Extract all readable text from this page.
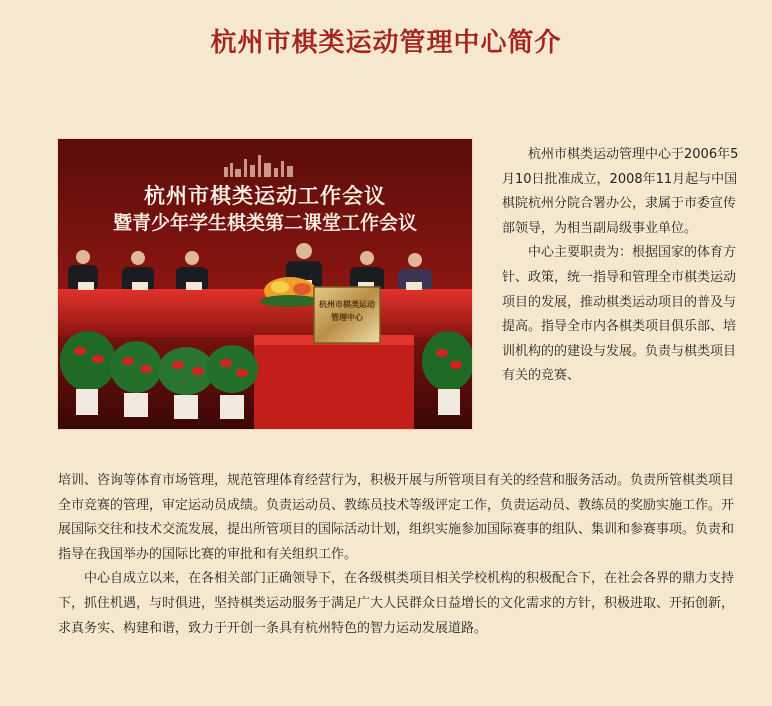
杭州市棋类运动管理中心简介
杭州市棋类运动工作会议
暨青少年学生棋类第二课堂工作会议
杭州市棋类运动
管理中心

杭州市棋类运动管理中心于2006年5月10日批准成立，2008年11月起与中国棋院杭州分院合署办公，隶属于市委宣传部领导，为相当副局级事业单位。

中心主要职责为：根据国家的体育方针、政策，统一指导和管理全市棋类运动项目的发展，推动棋类运动项目的普及与提高。指导全市内各棋类项目俱乐部、培训机构的的建设与发展。负责与棋类项目有关的竞赛、

培训、咨询等体育市场管理，规范管理体育经营行为，积极开展与所管项目有关的经营和服务活动。负责所管棋类项目全市竞赛的管理，审定运动员成绩。负责运动员、教练员技术等级评定工作，负责运动员、教练员的奖励实施工作。开展国际交往和技术交流发展，提出所管项目的国际活动计划，组织实施参加国际赛事的组队、集训和参赛事项。负责和指导在我国举办的国际比赛的审批和有关组织工作。

中心自成立以来，在各相关部门正确领导下，在各级棋类项目相关学校机构的积极配合下，在社会各界的鼎力支持下，抓住机遇，与时俱进，坚持棋类运动服务于满足广大人民群众日益增长的文化需求的方针，积极进取、开拓创新，求真务实、构建和谐，致力于开创一条具有杭州特色的智力运动发展道路。
